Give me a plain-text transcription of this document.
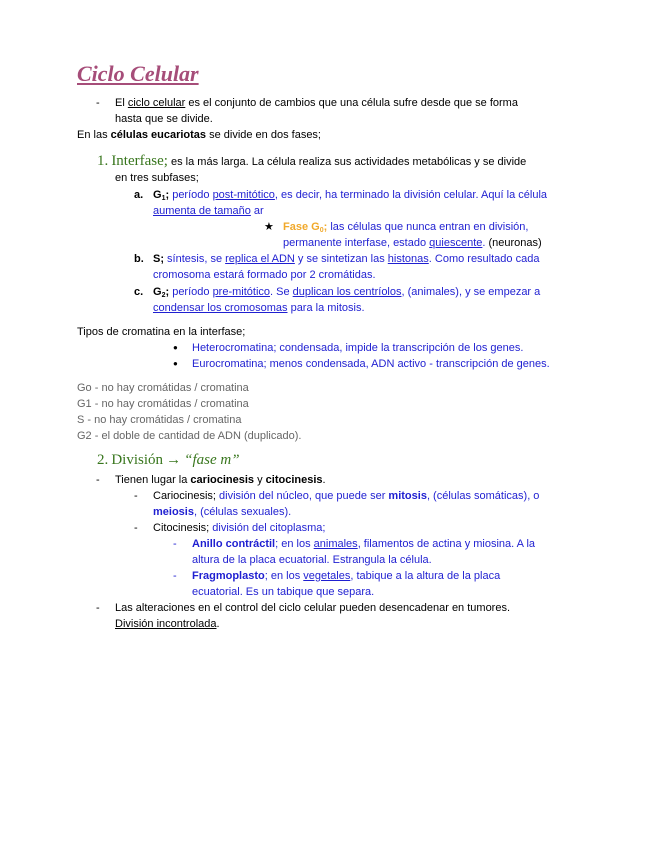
Ciclo Celular
- El ciclo celular es el conjunto de cambios que una célula sufre desde que se forma
hasta que se divide.
En las células eucariotas se divide en dos fases;
1. Interfase; es la más larga. La célula realiza sus actividades metabólicas y se divide
en tres subfases;
a. $G_1$; período post-mitótico, es decir, ha terminado la división celular. Aquí la célula
aumenta de tamaño ar
★ Fase $G_0$; las células que nunca entran en división,
permanente interfase, estado quiescente. (neuronas)
b. S; síntesis, se replica el ADN y se sintetizan las histonas. Como resultado cada
cromosoma estará formado por 2 cromátidas.
c. $G_2$; período pre-mitótico. Se duplican los centríolos, (animales), y se empezar a
condensar los cromosomas para la mitosis.
Tipos de cromatina en la interfase;
● Heterocromatina; condensada, impide la transcripción de los genes.
● Eurocromatina; menos condensada, ADN activo - transcripción de genes.
Go - no hay cromátidas / cromatina
G1 - no hay cromátidas / cromatina
S - no hay cromátidas / cromatina
G2 - el doble de cantidad de ADN (duplicado).
2. División → “fase m”
- Tienen lugar la cariocinesis y citocinesis.
- Cariocinesis; división del núcleo, que puede ser mitosis, (células somáticas), o
meiosis, (células sexuales).
- Citocinesis; división del citoplasma;
- Anillo contráctil; en los animales, filamentos de actina y miosina. A la
altura de la placa ecuatorial. Estrangula la célula.
- Fragmoplasto; en los vegetales, tabique a la altura de la placa
ecuatorial. Es un tabique que separa.
- Las alteraciones en el control del ciclo celular pueden desencadenar en tumores.
División incontrolada.
